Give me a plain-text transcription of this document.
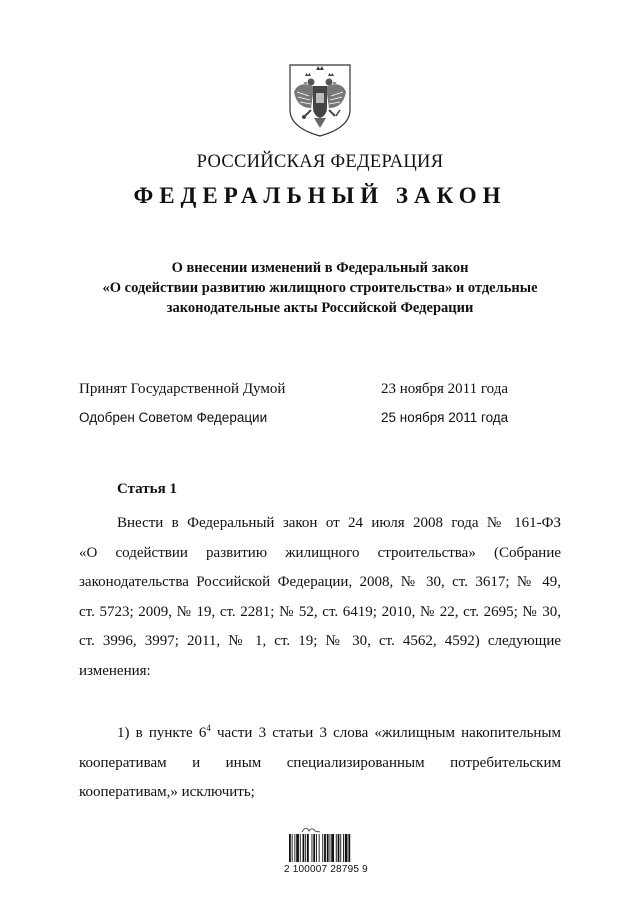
РОССИЙСКАЯ ФЕДЕРАЦИЯ
ФЕДЕРАЛЬНЫЙ ЗАКОН
О внесении изменений в Федеральный закон
«О содействии развитию жилищного строительства» и отдельные
законодательные акты Российской Федерации
Принят Государственной Думой	23 ноября 2011 года
Одобрен Советом Федерации	25 ноября 2011 года
Статья 1
Внести в Федеральный закон от 24 июля 2008 года № 161-ФЗ
«О содействии развитию жилищного строительства» (Собрание
законодательства Российской Федерации, 2008, № 30, ст. 3617; № 49,
ст. 5723; 2009, № 19, ст. 2281; № 52, ст. 6419; 2010, № 22, ст. 2695; № 30,
ст. 3996, 3997; 2011, № 1, ст. 19; № 30, ст. 4562, 4592) следующие
изменения:
1) в пункте $6^4$ части 3 статьи 3 слова «жилищным накопительным
кооперативам и иным специализированным потребительским
кооперативам,» исключить;
2 100007 28795 9
